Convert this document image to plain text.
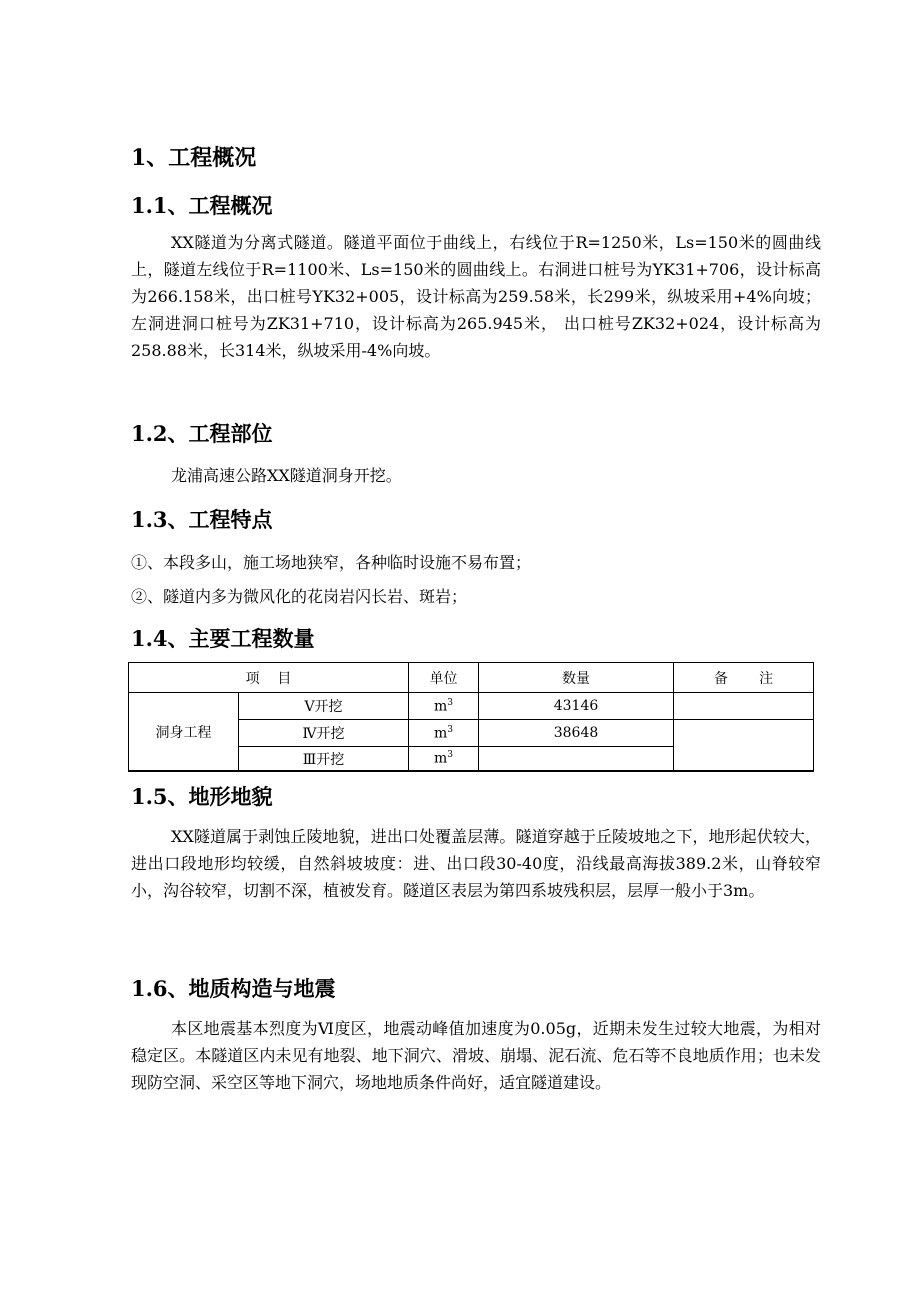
1、工程概况
1.1、工程概况
XX隧道为分离式隧道。隧道平面位于曲线上，右线位于R=1250米，Ls=150米的圆曲线上，隧道左线位于R=1100米、Ls=150米的圆曲线上。右洞进口桩号为YK31+706，设计标高为266.158米，出口桩号YK32+005，设计标高为259.58米，长299米，纵坡采用+4%向坡；左洞进洞口桩号为ZK31+710，设计标高为265.945米， 出口桩号ZK32+024，设计标高为258.88米，长314米，纵坡采用-4%向坡。
1.2、工程部位
龙浦高速公路XX隧道洞身开挖。
1.3、工程特点
①、本段多山，施工场地狭窄，各种临时设施不易布置；
②、隧道内多为微风化的花岗岩闪长岩、斑岩；
1.4、主要工程数量
项    目		单位	数量	备       注
洞身工程	Ⅴ开挖	$m^3$	43146	
	Ⅳ开挖	$m^3$	38648	
	Ⅲ开挖	$m^3$	
1.5、地形地貌
XX隧道属于剥蚀丘陵地貌，进出口处覆盖层薄。隧道穿越于丘陵坡地之下，地形起伏较大，进出口段地形均较缓，自然斜坡坡度：进、出口段30-40度，沿线最高海拔389.2米，山脊较窄小，沟谷较窄，切割不深，植被发育。隧道区表层为第四系坡残积层，层厚一般小于3m。
1.6、地质构造与地震
本区地震基本烈度为Ⅵ度区，地震动峰值加速度为0.05g，近期未发生过较大地震，为相对稳定区。本隧道区内未见有地裂、地下洞穴、滑坡、崩塌、泥石流、危石等不良地质作用；也未发现防空洞、采空区等地下洞穴，场地地质条件尚好，适宜隧道建设。
